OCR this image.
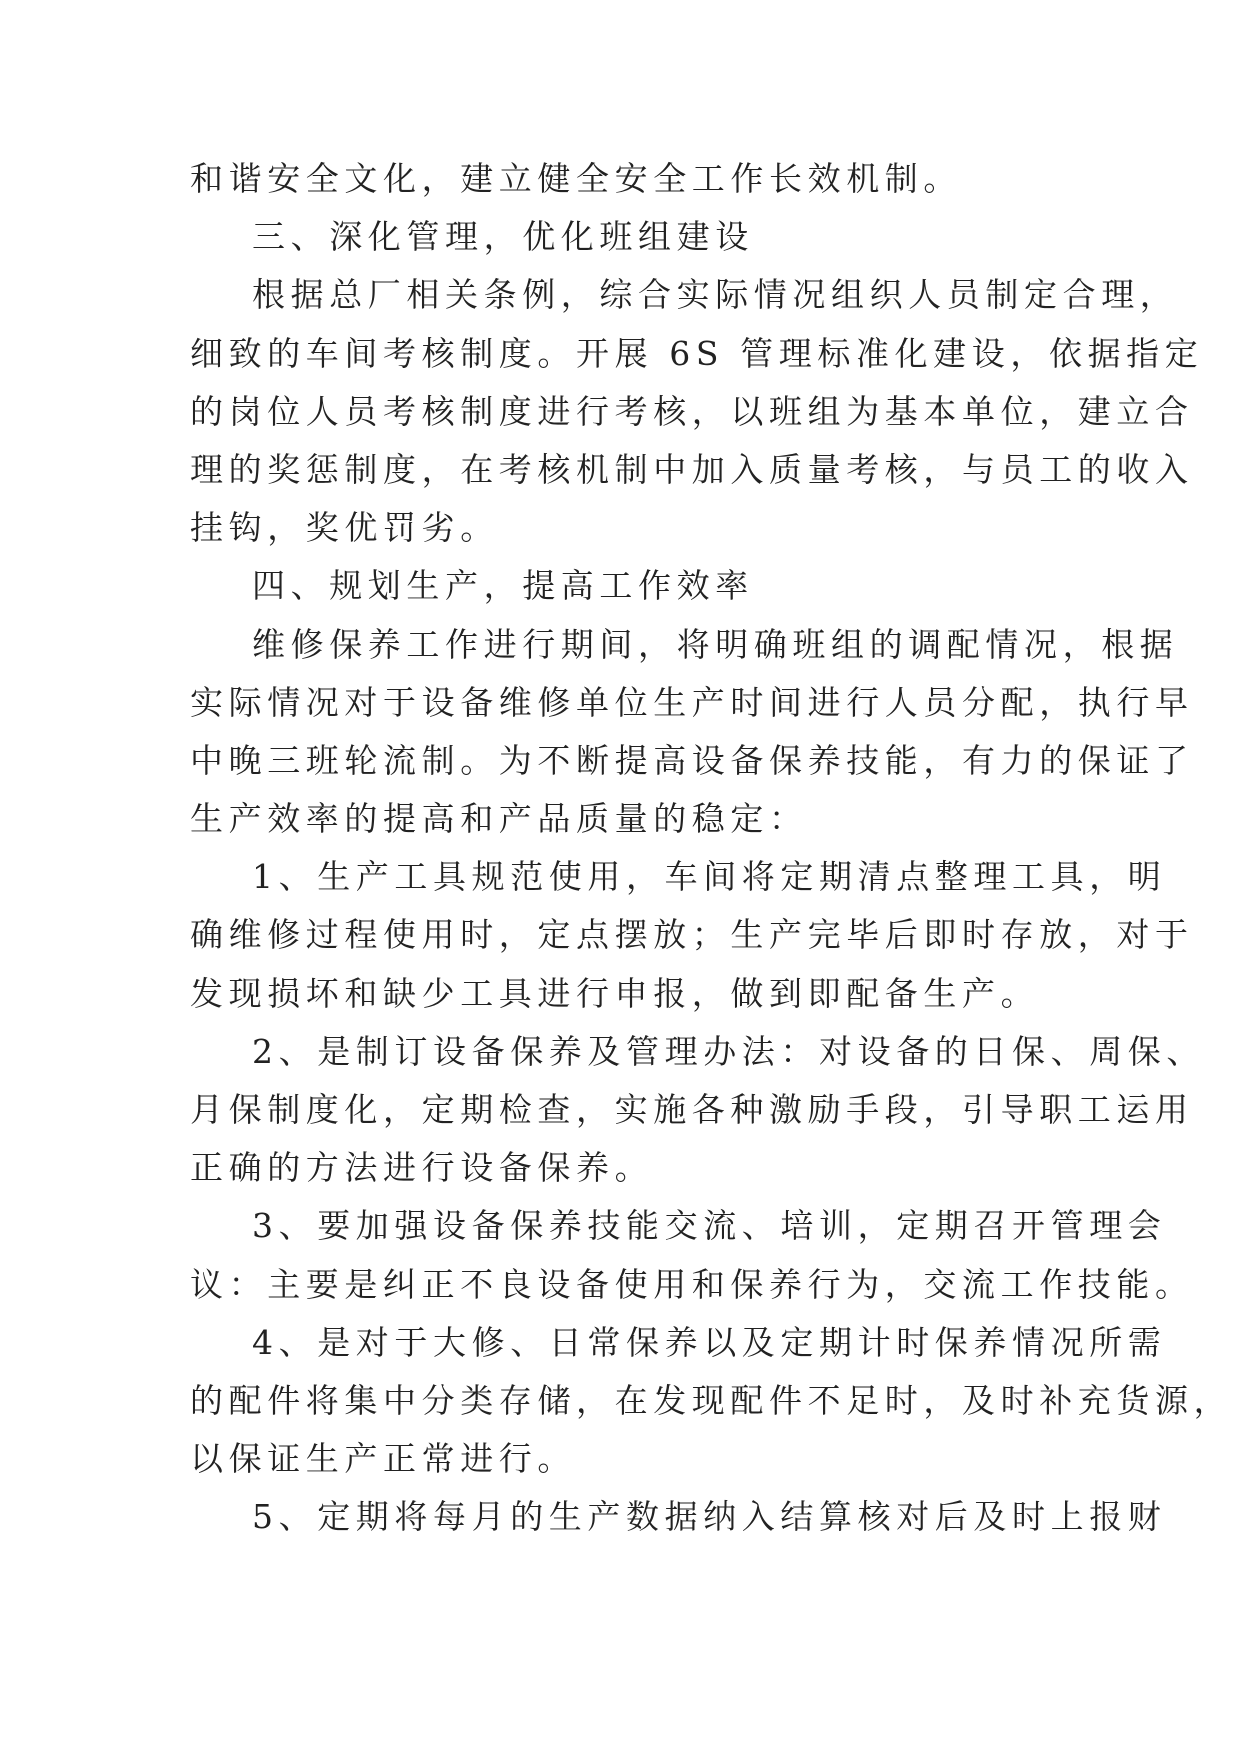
和谐安全文化，建立健全安全工作长效机制。
三、深化管理，优化班组建设
根据总厂相关条例，综合实际情况组织人员制定合理，
细致的车间考核制度。开展 6S 管理标准化建设，依据指定
的岗位人员考核制度进行考核，以班组为基本单位，建立合
理的奖惩制度，在考核机制中加入质量考核，与员工的收入
挂钩，奖优罚劣。
四、规划生产，提高工作效率
维修保养工作进行期间，将明确班组的调配情况，根据
实际情况对于设备维修单位生产时间进行人员分配，执行早
中晚三班轮流制。为不断提高设备保养技能，有力的保证了
生产效率的提高和产品质量的稳定：
1、生产工具规范使用，车间将定期清点整理工具，明
确维修过程使用时，定点摆放；生产完毕后即时存放，对于
发现损坏和缺少工具进行申报，做到即配备生产。
2、是制订设备保养及管理办法：对设备的日保、周保、
月保制度化，定期检查，实施各种激励手段，引导职工运用
正确的方法进行设备保养。
3、要加强设备保养技能交流、培训，定期召开管理会
议：主要是纠正不良设备使用和保养行为，交流工作技能。
4、是对于大修、日常保养以及定期计时保养情况所需
的配件将集中分类存储，在发现配件不足时，及时补充货源，
以保证生产正常进行。
5、定期将每月的生产数据纳入结算核对后及时上报财
